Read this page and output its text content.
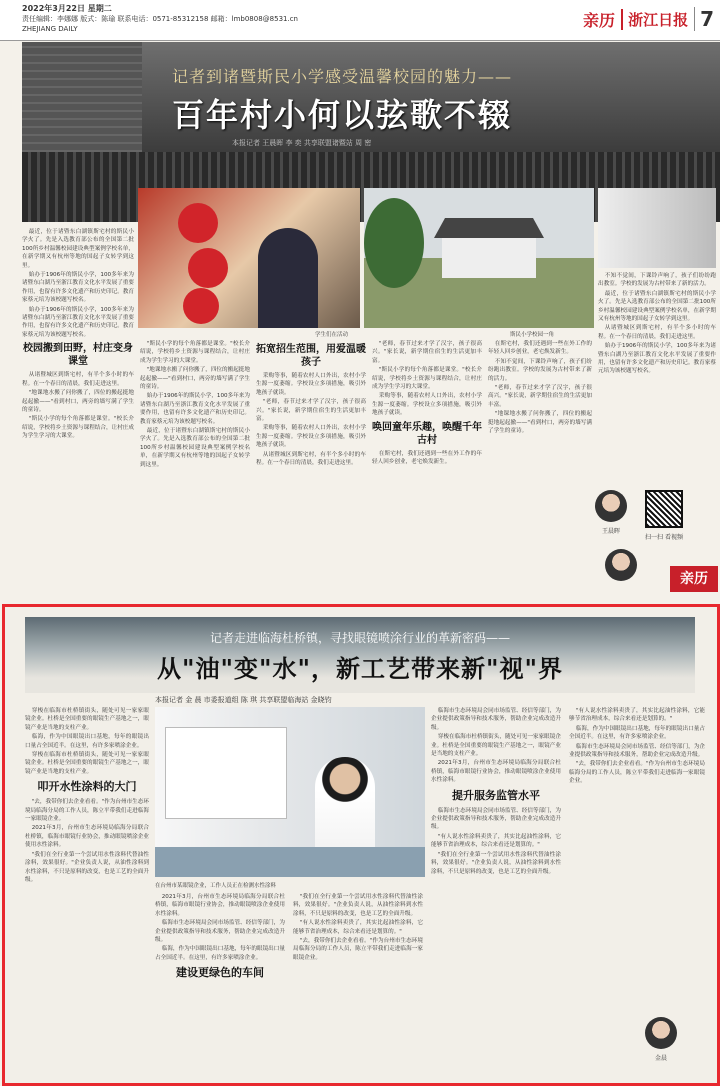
2022年3月22日 星期二
责任编辑：李娜娜 版式：陈瑜 联系电话：0571-85312158 邮箱：lmb0808@8531.cn
ZHEJIANG DAILY	亲历 浙江日报 7
记者到诸暨斯民小学感受温馨校园的魅力——
百年村小何以弦歌不辍
本报记者 王晨晖 李 奕 共享联盟诸暨站 周 密
学生们在活动	斯民小学校园一角

最近，位于诸暨东白湖镇斯宅村的斯民小学火了。先是入选教育部公布的全国第二批100所乡村温馨校园建设典型案例学校名单，在新学期又有杭州等地的国起子女转学到这里。

始办于1906年的斯民小学，100多年来为诸暨东白湖乃至浙江教育文化水平发展了重要作用，也留有许多文化遗产和历史印记。教育家蔡元培为该校题写校名。

始办于1906年的斯民小学，100多年来为诸暨东白湖乃至浙江教育文化水平发展了重要作用，也留有许多文化遗产和历史印记。教育家蔡元培为该校题写校名。

校园搬到田野，村庄变身课堂

从诸暨城区到斯宅村，有半个多小时的车程。在一个春日的清晨，我们走进这里。

"地课地水搬了问你搬了，四位的搬起挺地起起撤——"看到村口，两旁的墙写满了学生的童诗。

"斯民小学的每个角落都是课堂。"校长介绍说，学校将乡土资源与课程结合，让村庄成为学生学习的大课堂。

"斯民小学的每个角落都是课堂。"校长介绍说，学校将乡土资源与课程结合，让村庄成为学生学习的大课堂。

"地课地水搬了问你搬了，四位的搬起挺地起起撤——"看到村口，两旁的墙写满了学生的童诗。

始办于1906年的斯民小学，100多年来为诸暨东白湖乃至浙江教育文化水平发展了重要作用，也留有许多文化遗产和历史印记。教育家蔡元培为该校题写校名。

最近，位于诸暨东白湖镇斯宅村的斯民小学火了。先是入选教育部公布的全国第二批100所乡村温馨校园建设典型案例学校名单，在新学期又有杭州等地的国起子女转学到这里。

拓宽招生范围，用爱温暖孩子

采购等事，随着农村人口外出，农村小学生源一度萎缩。学校设立多项措施，吸引外地孩子就读。

"老师，春节过来才学了汉字，孩子很高兴。"家长说，新学期住宿生的生活更加丰富。

采购等事，随着农村人口外出，农村小学生源一度萎缩。学校设立多项措施，吸引外地孩子就读。

从诸暨城区到斯宅村，有半个多小时的车程。在一个春日的清晨，我们走进这里。

"老师，春节过来才学了汉字，孩子很高兴。"家长说，新学期住宿生的生活更加丰富。

"斯民小学的每个角落都是课堂。"校长介绍说，学校将乡土资源与课程结合，让村庄成为学生学习的大课堂。

采购等事，随着农村人口外出，农村小学生源一度萎缩。学校设立多项措施，吸引外地孩子就读。

唤回童年乐趣，唤醒千年古村

在斯宅村，我们还遇到一些在外工作的年轻人回乡创业，老宅焕发新生。

在斯宅村，我们还遇到一些在外工作的年轻人回乡创业，老宅焕发新生。

不知不觉间，下课铃声响了，孩子们纷纷跑出教室。学校的发展为古村带来了新的活力。

"老师，春节过来才学了汉字，孩子很高兴。"家长说，新学期住宿生的生活更加丰富。

"地课地水搬了问你搬了，四位的搬起挺地起起撤——"看到村口，两旁的墙写满了学生的童诗。

不知不觉间，下课铃声响了，孩子们纷纷跑出教室。学校的发展为古村带来了新的活力。

最近，位于诸暨东白湖镇斯宅村的斯民小学火了。先是入选教育部公布的全国第二批100所乡村温馨校园建设典型案例学校名单，在新学期又有杭州等地的国起子女转学到这里。

从诸暨城区到斯宅村，有半个多小时的车程。在一个春日的清晨，我们走进这里。

始办于1906年的斯民小学，100多年来为诸暨东白湖乃至浙江教育文化水平发展了重要作用，也留有许多文化遗产和历史印记。教育家蔡元培为该校题写校名。

王晨晖
扫一扫 看视频
亲历
记者走进临海杜桥镇，寻找眼镜喷涂行业的革新密码——
从"油"变"水"，新工艺带来新"视"界
本报记者 金 晨 市委报道组 陈 琪 共享联盟临海站 金晓钧
在台州市某眼镜企业，工作人员正在检测水性涂料

穿梭在临海市杜桥镇街头，随处可见一家家眼镜企业。杜桥是全国重要的眼镜生产基地之一，眼镜产业是当地的支柱产业。

临海，作为中国眼镜出口基地，每年的眼镜出口量占全国近半。在这里，有许多家喷涂企业。

穿梭在临海市杜桥镇街头，随处可见一家家眼镜企业。杜桥是全国重要的眼镜生产基地之一，眼镜产业是当地的支柱产业。

叩开水性涂料的大门

"去，我带你们去企业看看。"作为台州市生态环境局临海分局的工作人员，陈立平带我们走进临海一家眼镜企业。

2021年3月，台州市生态环境局临海分局联合杜桥镇，临海市眼镜行业协会，推动眼镜喷涂企业使用水性涂料。

"我们在全行业第一个尝试用水性涂料代替油性涂料，效果很好。"企业负责人说，从油性涂料到水性涂料，不只是原料的改变，也是工艺的全面升级。

2021年3月，台州市生态环境局临海分局联合杜桥镇，临海市眼镜行业协会，推动眼镜喷涂企业使用水性涂料。

临海市生态环境局会同市场监管、经信等部门，为企业提供政策指导和技术服务，帮助企业完成改造升级。

临海，作为中国眼镜出口基地，每年的眼镜出口量占全国近半。在这里，有许多家喷涂企业。

建设更绿色的车间

"我们在全行业第一个尝试用水性涂料代替油性涂料，效果很好。"企业负责人说，从油性涂料到水性涂料，不只是原料的改变，也是工艺的全面升级。

"有人说水性涂料卖贵了，其实比起油性涂料，它能够节省治理成本，综合来看还是划算的。"

"去，我带你们去企业看看。"作为台州市生态环境局临海分局的工作人员，陈立平带我们走进临海一家眼镜企业。

临海市生态环境局会同市场监管、经信等部门，为企业提供政策指导和技术服务，帮助企业完成改造升级。

穿梭在临海市杜桥镇街头，随处可见一家家眼镜企业。杜桥是全国重要的眼镜生产基地之一，眼镜产业是当地的支柱产业。

2021年3月，台州市生态环境局临海分局联合杜桥镇，临海市眼镜行业协会，推动眼镜喷涂企业使用水性涂料。

提升服务监管水平

临海市生态环境局会同市场监管、经信等部门，为企业提供政策指导和技术服务，帮助企业完成改造升级。

"有人说水性涂料卖贵了，其实比起油性涂料，它能够节省治理成本，综合来看还是划算的。"

"我们在全行业第一个尝试用水性涂料代替油性涂料，效果很好。"企业负责人说，从油性涂料到水性涂料，不只是原料的改变，也是工艺的全面升级。

"有人说水性涂料卖贵了，其实比起油性涂料，它能够节省治理成本，综合来看还是划算的。"

临海，作为中国眼镜出口基地，每年的眼镜出口量占全国近半。在这里，有许多家喷涂企业。

临海市生态环境局会同市场监管、经信等部门，为企业提供政策指导和技术服务，帮助企业完成改造升级。

"去，我带你们去企业看看。"作为台州市生态环境局临海分局的工作人员，陈立平带我们走进临海一家眼镜企业。

金晨
